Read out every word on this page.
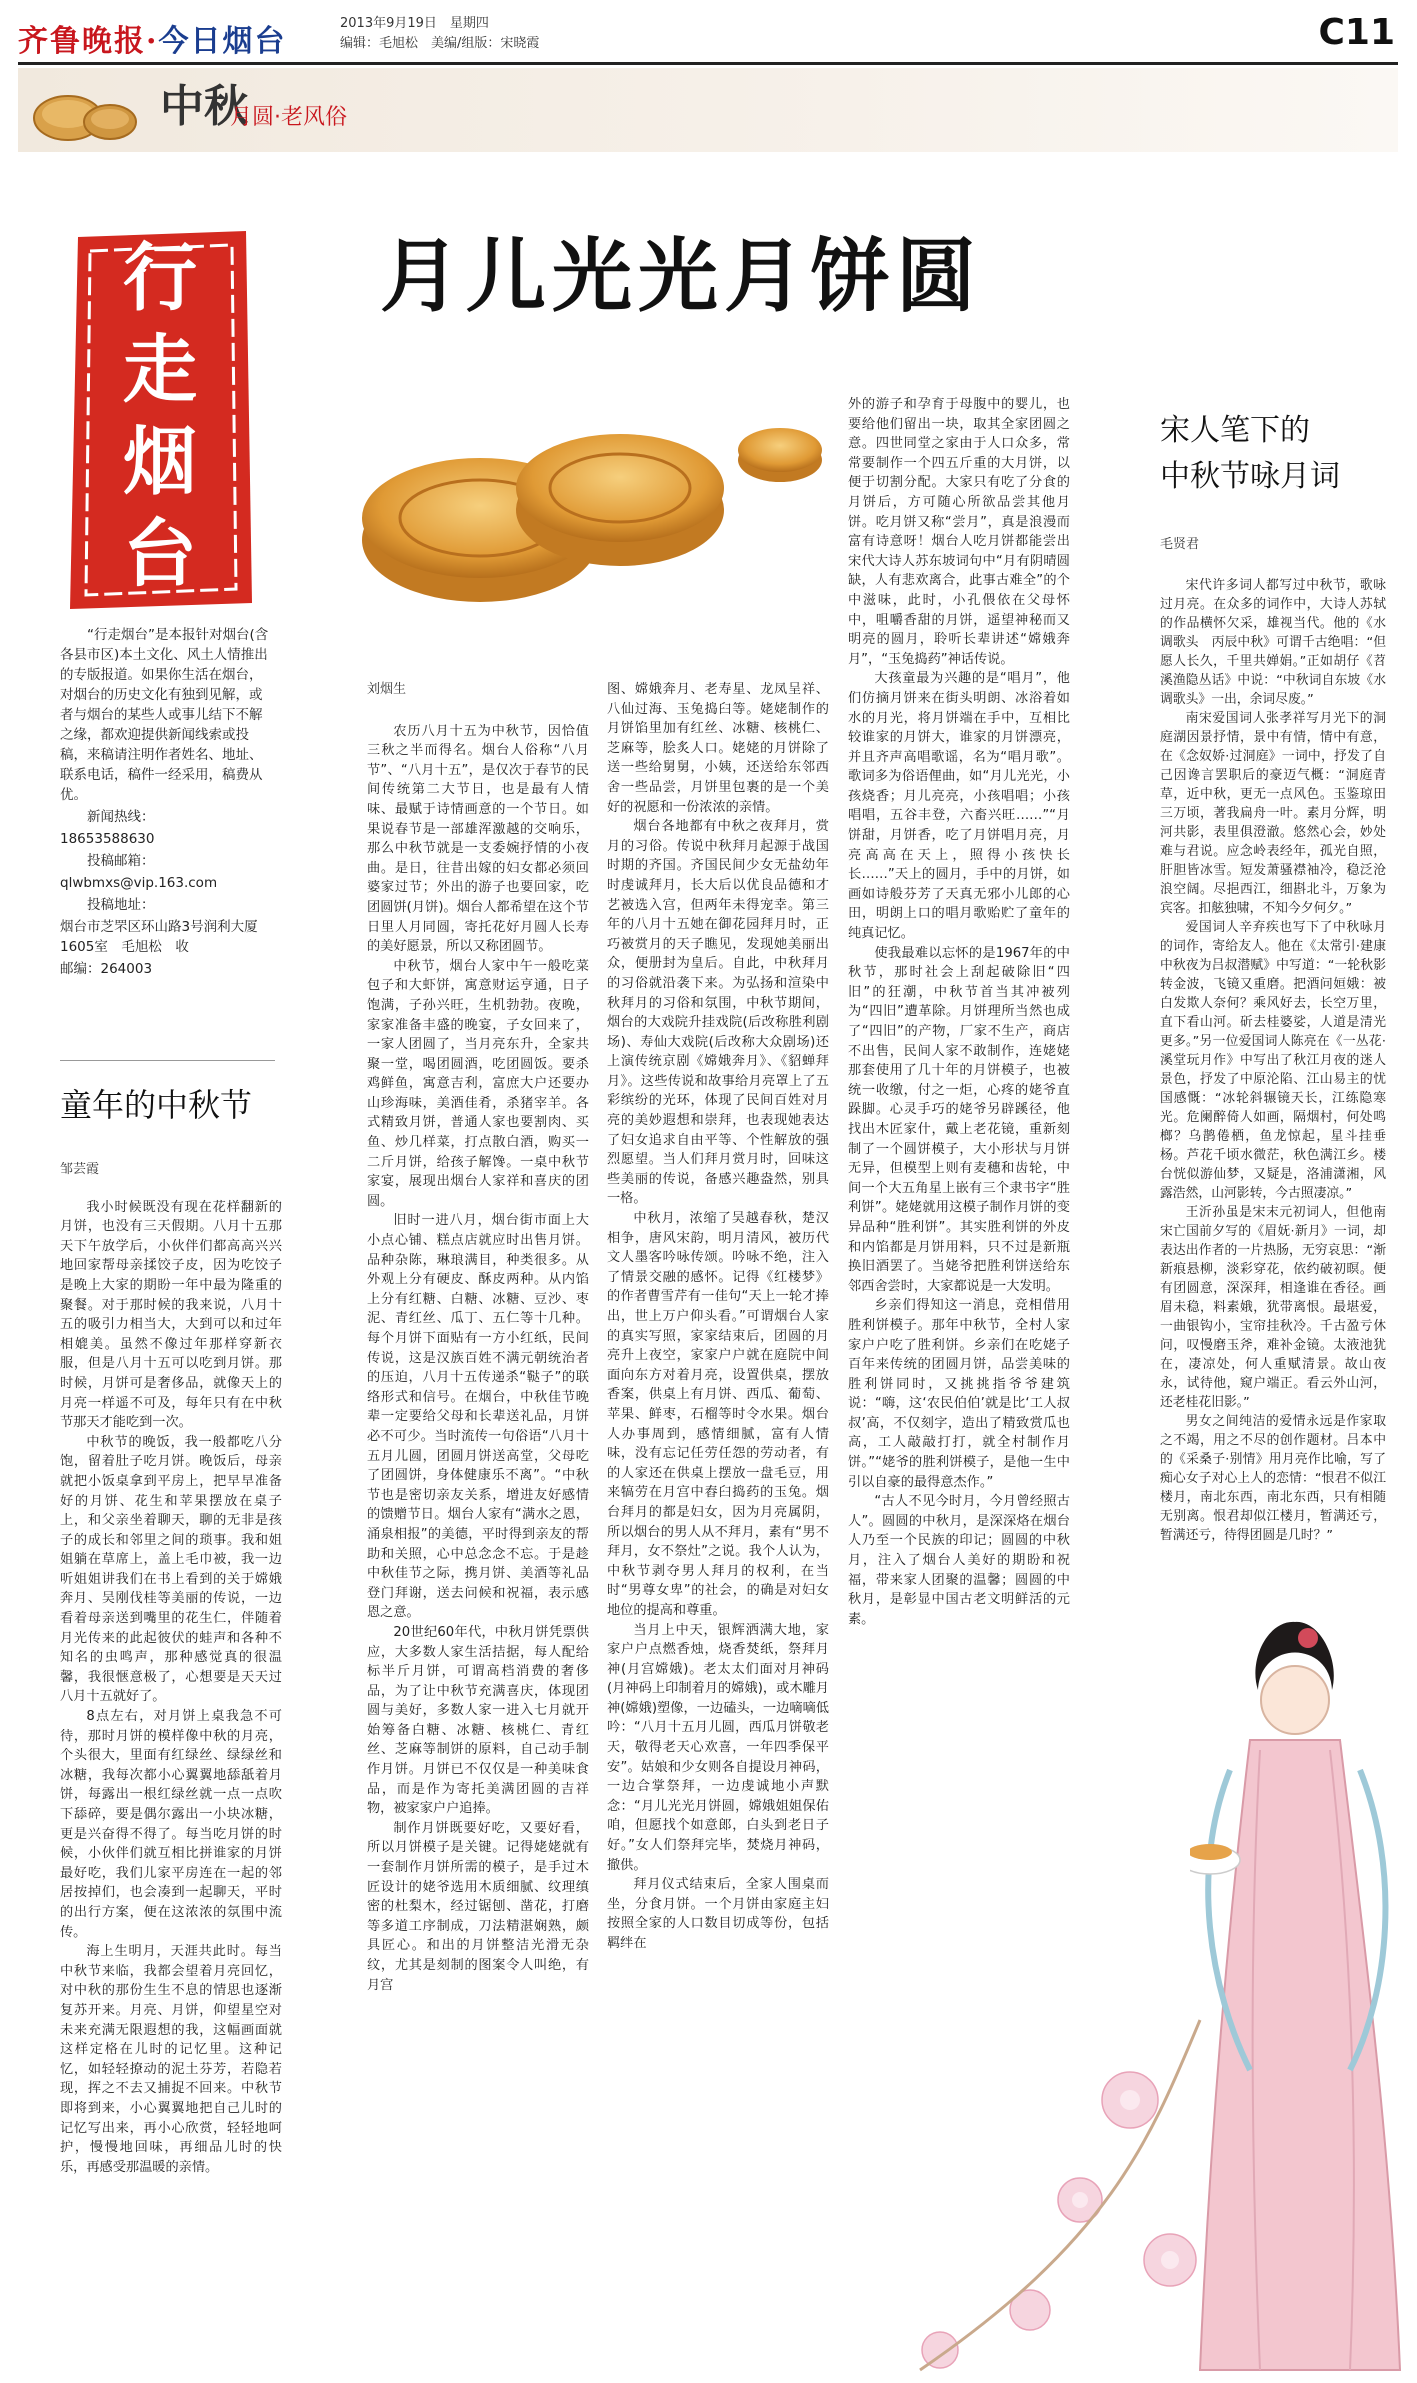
齐鲁晚报·今日烟台
2013年9月19日　 星期四
编辑：毛旭松　 美编/组版：宋晓霞	C11
中秋
月圆·老风俗
行
走
烟
台

“行走烟台”是本报针对烟台(含各县市区)本土文化、风土人情推出的专版报道。如果你生活在烟台，对烟台的历史文化有独到见解，或者与烟台的某些人或事儿结下不解之缘，都欢迎提供新闻线索或投稿，来稿请注明作者姓名、地址、联系电话，稿件一经采用，稿费从优。

新闻热线：

18653588630

投稿邮箱：

qlwbmxs@vip.163.com

投稿地址：

烟台市芝罘区环山路3号润利大厦1605室　毛旭松　收

邮编：264003

月儿光光月饼圆
刘烟生

农历八月十五为中秋节，因恰值三秋之半而得名。烟台人俗称“八月节”、“八月十五”，是仅次于春节的民间传统第二大节日，也是最有人情味、最赋于诗情画意的一个节日。如果说春节是一部雄浑激越的交响乐，那么中秋节就是一支委婉抒情的小夜曲。是日，往昔出嫁的妇女都必须回婆家过节；外出的游子也要回家，吃团圆饼(月饼)。烟台人都希望在这个节日里人月同圆，寄托花好月圆人长寿的美好愿景，所以又称团圆节。

中秋节，烟台人家中午一般吃菜包子和大虾饼，寓意财运亨通，日子饱满，子孙兴旺，生机勃勃。夜晚，家家准备丰盛的晚宴，子女回来了，一家人团圆了，当月亮东升，全家共聚一堂，喝团圆酒，吃团圆饭。要杀鸡鲜鱼，寓意吉利，富庶大户还要办山珍海味，美酒佳肴，杀猪宰羊。各式精致月饼，普通人家也要割肉、买鱼、炒几样菜，打点散白酒，购买一二斤月饼，给孩子解馋。一桌中秋节家宴，展现出烟台人家祥和喜庆的团圆。

旧时一进八月，烟台街市面上大小点心铺、糕点店就应时出售月饼。品种杂陈，琳琅满目，种类很多。从外观上分有硬皮、酥皮两种。从内馅上分有红糖、白糖、冰糖、豆沙、枣泥、青红丝、瓜丁、五仁等十几种。每个月饼下面贴有一方小红纸，民间传说，这是汉族百姓不满元朝统治者的压迫，八月十五传递杀“鞑子”的联络形式和信号。在烟台，中秋佳节晚辈一定要给父母和长辈送礼品，月饼必不可少。当时流传一句俗语“八月十五月儿圆，团圆月饼送高堂，父母吃了团圆饼，身体健康乐不离”。“中秋节也是密切亲友关系，增进友好感情的馈赠节日。烟台人家有“满水之恩，涌泉相报”的美德，平时得到亲友的帮助和关照，心中总念念不忘。于是趁中秋佳节之际，携月饼、美酒等礼品登门拜谢，送去问候和祝福，表示感恩之意。

20世纪60年代，中秋月饼凭票供应，大多数人家生活拮据，每人配给标半斤月饼，可谓高档消费的奢侈品，为了让中秋节充满喜庆，体现团圆与美好，多数人家一进入七月就开始筹备白糖、冰糖、核桃仁、青红丝、芝麻等制饼的原料，自己动手制作月饼。月饼已不仅仅是一种美味食品，而是作为寄托美满团圆的吉祥物，被家家户户追捧。

制作月饼既要好吃，又要好看，所以月饼模子是关键。记得姥姥就有一套制作月饼所需的模子，是手过木匠设计的姥爷选用木质细腻、纹理缜密的杜梨木，经过锯刨、凿花，打磨等多道工序制成，刀法精湛娴熟，颇具匠心。和出的月饼整洁光滑无杂纹，尤其是刻制的图案令人叫绝，有月宫

图、嫦娥奔月、老寿星、龙凤呈祥、八仙过海、玉兔捣臼等。姥姥制作的月饼馅里加有红丝、冰糖、核桃仁、芝麻等，脍炙人口。姥姥的月饼除了送一些给舅舅，小姨，还送给东邻西舍一些品尝，月饼里包裹的是一个美好的祝愿和一份浓浓的亲情。

烟台各地都有中秋之夜拜月，赏月的习俗。传说中秋拜月起源于战国时期的齐国。齐国民间少女无盐幼年时虔诚拜月，长大后以优良品德和才艺被选入宫，但两年未得宠幸。第三年的八月十五她在御花园拜月时，正巧被赏月的天子瞧见，发现她美丽出众，便册封为皇后。自此，中秋拜月的习俗就沿袭下来。为弘扬和渲染中秋拜月的习俗和氛围，中秋节期间，烟台的大戏院升挂戏院(后改称胜利剧场)、寿仙大戏院(后改称大众剧场)还上演传统京剧《嫦娥奔月》、《貂蝉拜月》。这些传说和故事给月亮罩上了五彩缤纷的光环，体现了民间百姓对月亮的美妙遐想和崇拜，也表现她表达了妇女追求自由平等、个性解放的强烈愿望。当人们拜月赏月时，回味这些美丽的传说，备感兴趣盎然，别具一格。

中秋月，浓缩了吴越春秋，楚汉相争，唐风宋韵，明月清风，被历代文人墨客吟咏传颂。吟咏不绝，注入了情景交融的感怀。记得《红楼梦》的作者曹雪芹有一佳句“天上一轮才捧出，世上万户仰头看。”可谓烟台人家的真实写照，家家结束后，团圆的月亮升上夜空，家家户户就在庭院中间面向东方对着月亮，设置供桌，摆放香案，供桌上有月饼、西瓜、葡萄、苹果、鲜枣，石榴等时令水果。烟台人办事周到，感情细腻，富有人情味，没有忘记任劳任怨的劳动者，有的人家还在供桌上摆放一盘毛豆，用来犒劳在月宫中舂臼捣药的玉兔。烟台拜月的都是妇女，因为月亮属阴，所以烟台的男人从不拜月，素有“男不拜月，女不祭灶”之说。我个人认为，中秋节剥夺男人拜月的权利，在当时“男尊女卑”的社会，的确是对妇女地位的提高和尊重。

当月上中天，银辉洒满大地，家家户户点燃香烛，烧香焚纸，祭拜月神(月宫嫦娥)。老太太们面对月神码(月神码上印制着月的嫦娥)，或木雕月神(嫦娥)塑像，一边磕头，一边嘀嘀低吟：“八月十五月儿圆，西瓜月饼敬老天，敬得老天心欢喜，一年四季保平安”。姑娘和少女则各自提设月神码，一边合掌祭拜，一边虔诚地小声默念：“月儿光光月饼圆，嫦娥姐姐保佑咱，但愿找个如意郎，白头到老日子好。”女人们祭拜完毕，焚烧月神码，撤供。

拜月仪式结束后，全家人围桌而坐，分食月饼。一个月饼由家庭主妇按照全家的人口数目切成等份，包括羁绊在

外的游子和孕育于母腹中的婴儿，也要给他们留出一块，取其全家团圆之意。四世同堂之家由于人口众多，常常要制作一个四五斤重的大月饼，以便于切割分配。大家只有吃了分食的月饼后，方可随心所欲品尝其他月饼。吃月饼又称“尝月”，真是浪漫而富有诗意呀！烟台人吃月饼都能尝出宋代大诗人苏东坡词句中“月有阴晴圆缺，人有悲欢离合，此事古难全”的个中滋味，此时，小孔偎依在父母怀中，咀嚼香甜的月饼，遥望神秘而又明亮的圆月，聆听长辈讲述“嫦娥奔月”，“玉兔捣药”神话传说。

大孩童最为兴趣的是“唱月”，他们仿摘月饼来在街头明朗、冰浴着如水的月光，将月饼端在手中，互相比较谁家的月饼大，谁家的月饼漂亮，并且齐声高唱歌谣，名为“唱月歌”。歌词多为俗语俚曲，如“月儿光光，小孩烧香；月儿亮亮，小孩唱唱；小孩唱唱，五谷丰登，六畜兴旺……”“月饼甜，月饼香，吃了月饼唱月亮，月亮高高在天上，照得小孩快长长……”天上的圆月，手中的月饼，如画如诗般芬芳了天真无邪小儿郎的心田，明朗上口的唱月歌贻贮了童年的纯真记忆。

使我最难以忘怀的是1967年的中秋节，那时社会上刮起破除旧“四旧”的狂潮，中秋节首当其冲被列为“四旧”遭革除。月饼理所当然也成了“四旧”的产物，厂家不生产，商店不出售，民间人家不敢制作，连姥姥那套使用了几十年的月饼模子，也被统一收缴，付之一炬，心疼的姥爷直跺脚。心灵手巧的姥爷另辟蹊径，他找出木匠家什，戴上老花镜，重新刻制了一个圆饼模子，大小形状与月饼无异，但模型上则有麦穗和齿轮，中间一个大五角星上嵌有三个隶书字“胜利饼”。姥姥就用这模子制作月饼的变异品种“胜利饼”。其实胜利饼的外皮和内馅都是月饼用料，只不过是新瓶换旧酒罢了。当姥爷把胜利饼送给东邻西舍尝时，大家都说是一大发明。

乡亲们得知这一消息，竞相借用胜利饼模子。那年中秋节，全村人家家户户吃了胜利饼。乡亲们在吃姥子百年来传统的团圆月饼，品尝美味的胜利饼同时，又挑挑指爷爷建筑说：“嗨，这‘农民伯伯’就是比‘工人叔叔’高，不仅刻字，造出了精致赏瓜也高，工人敲敲打打，就全村制作月饼。”“姥爷的胜利饼模子，是他一生中引以自豪的最得意杰作。”

“古人不见今时月，今月曾经照古人”。圆圆的中秋月，是深深烙在烟台人乃至一个民族的印记；圆圆的中秋月，注入了烟台人美好的期盼和祝福，带来家人团聚的温馨；圆圆的中秋月，是彰显中国古老文明鲜活的元素。

童年的中秋节
邹芸霞

我小时候既没有现在花样翻新的月饼，也没有三天假期。八月十五那天下午放学后，小伙伴们都高高兴兴地回家帮母亲揉饺子皮，因为吃饺子是晚上大家的期盼一年中最为隆重的聚餐。对于那时候的我来说，八月十五的吸引力相当大，大到可以和过年相媲美。虽然不像过年那样穿新衣服，但是八月十五可以吃到月饼。那时候，月饼可是奢侈品，就像天上的月亮一样遥不可及，每年只有在中秋节那天才能吃到一次。

中秋节的晚饭，我一般都吃八分饱，留着肚子吃月饼。晚饭后，母亲就把小饭桌拿到平房上，把早早准备好的月饼、花生和苹果摆放在桌子上，和父亲坐着聊天，聊的无非是孩子的成长和邻里之间的琐事。我和姐姐躺在草席上，盖上毛巾被，我一边听姐姐讲我们在书上看到的关于嫦娥奔月、吴刚伐桂等美丽的传说，一边看着母亲送到嘴里的花生仁，伴随着月光传来的此起彼伏的蛙声和各种不知名的虫鸣声，那种感觉真的很温馨，我很惬意极了，心想要是天天过八月十五就好了。

8点左右，对月饼上桌我急不可待，那时月饼的模样像中秋的月亮，个头很大，里面有红绿丝、绿绿丝和冰糖，我每次都小心翼翼地舔舐着月饼，每露出一根红绿丝就一点一点吹下舔碎，要是偶尔露出一小块冰糖，更是兴奋得不得了。每当吃月饼的时候，小伙伴们就互相比拼谁家的月饼最好吃，我们儿家平房连在一起的邻居按掉们，也会凑到一起聊天，平时的出行方案，便在这浓浓的氛围中流传。

海上生明月，天涯共此时。每当中秋节来临，我都会望着月亮回忆，对中秋的那份生生不息的情思也逐渐复苏开来。月亮、月饼，仰望星空对未来充满无限遐想的我，这幅画面就这样定格在儿时的记忆里。这种记忆，如轻轻撩动的泥土芬芳，若隐若现，挥之不去又捕捉不回来。中秋节即将到来，小心翼翼地把自己儿时的记忆写出来，再小心欣赏，轻轻地呵护，慢慢地回味，再细品儿时的快乐，再感受那温暖的亲情。

宋人笔下的
中秋节咏月词
毛贤君

宋代许多词人都写过中秋节，歌咏过月亮。在众多的词作中，大诗人苏轼的作品横怀欠采，雄视当代。他的《水调歌头　丙辰中秋》可谓千古绝唱：“但愿人长久，千里共婵娟。”正如胡仔《苕溪渔隐丛话》中说：“中秋词自东坡《水调歌头》一出，余词尽废。”

南宋爱国词人张孝祥写月光下的洞庭湖因景抒情，景中有情，情中有意，在《念奴娇·过洞庭》一词中，抒发了自己因谗言罢职后的豪迈气概：“洞庭青草，近中秋，更无一点风色。玉鉴琼田三万顷，著我扁舟一叶。素月分辉，明河共影，表里俱澄澈。悠然心会，妙处难与君说。应念岭表经年，孤光自照，肝胆皆冰雪。短发萧骚襟袖冷，稳泛沧浪空阔。尽挹西江，细斟北斗，万象为宾客。扣舷独啸，不知今夕何夕。”

爱国词人辛弃疾也写下了中秋咏月的词作，寄给友人。他在《太常引·建康中秋夜为吕叔潜赋》中写道：“一轮秋影转金波，飞镜又重磨。把酒问姮娥：被白发欺人奈何？乘风好去，长空万里，直下看山河。斫去桂婆娑，人道是清光更多。”另一位爱国词人陈亮在《一丛花·溪堂玩月作》中写出了秋江月夜的迷人景色，抒发了中原沦陷、江山易主的忧国感慨：“冰轮斜辗镜天长，江练隐寒光。危阑醉倚人如画，隔烟村，何处鸣榔？乌鹊倦栖，鱼龙惊起，星斗挂垂杨。芦花千顷水微茫，秋色满江乡。楼台恍似游仙梦，又疑是，洛浦潇湘，风露浩然，山河影转，今古照凄凉。”

王沂孙虽是宋末元初词人，但他南宋亡国前夕写的《眉妩·新月》一词，却表达出作者的一片热肠，无穷哀思：“渐新痕悬柳，淡彩穿花，依约破初暝。便有团圆意，深深拜，相逢谁在香径。画眉未稳，料素娥，犹带离恨。最堪爱，一曲银钩小，宝帘挂秋冷。千古盈亏休问，叹慢磨玉斧，难补金镜。太液池犹在，凄凉处，何人重赋清景。故山夜永，试待他，窥户端正。看云外山河，还老桂花旧影。”

男女之间纯洁的爱情永远是作家取之不竭，用之不尽的创作题材。吕本中的《采桑子·别情》用月亮作比喻，写了痴心女子对心上人的恋情：“恨君不似江楼月，南北东西，南北东西，只有相随无别离。恨君却似江楼月，暂满还亏，暂满还亏，待得团圆是几时？”
